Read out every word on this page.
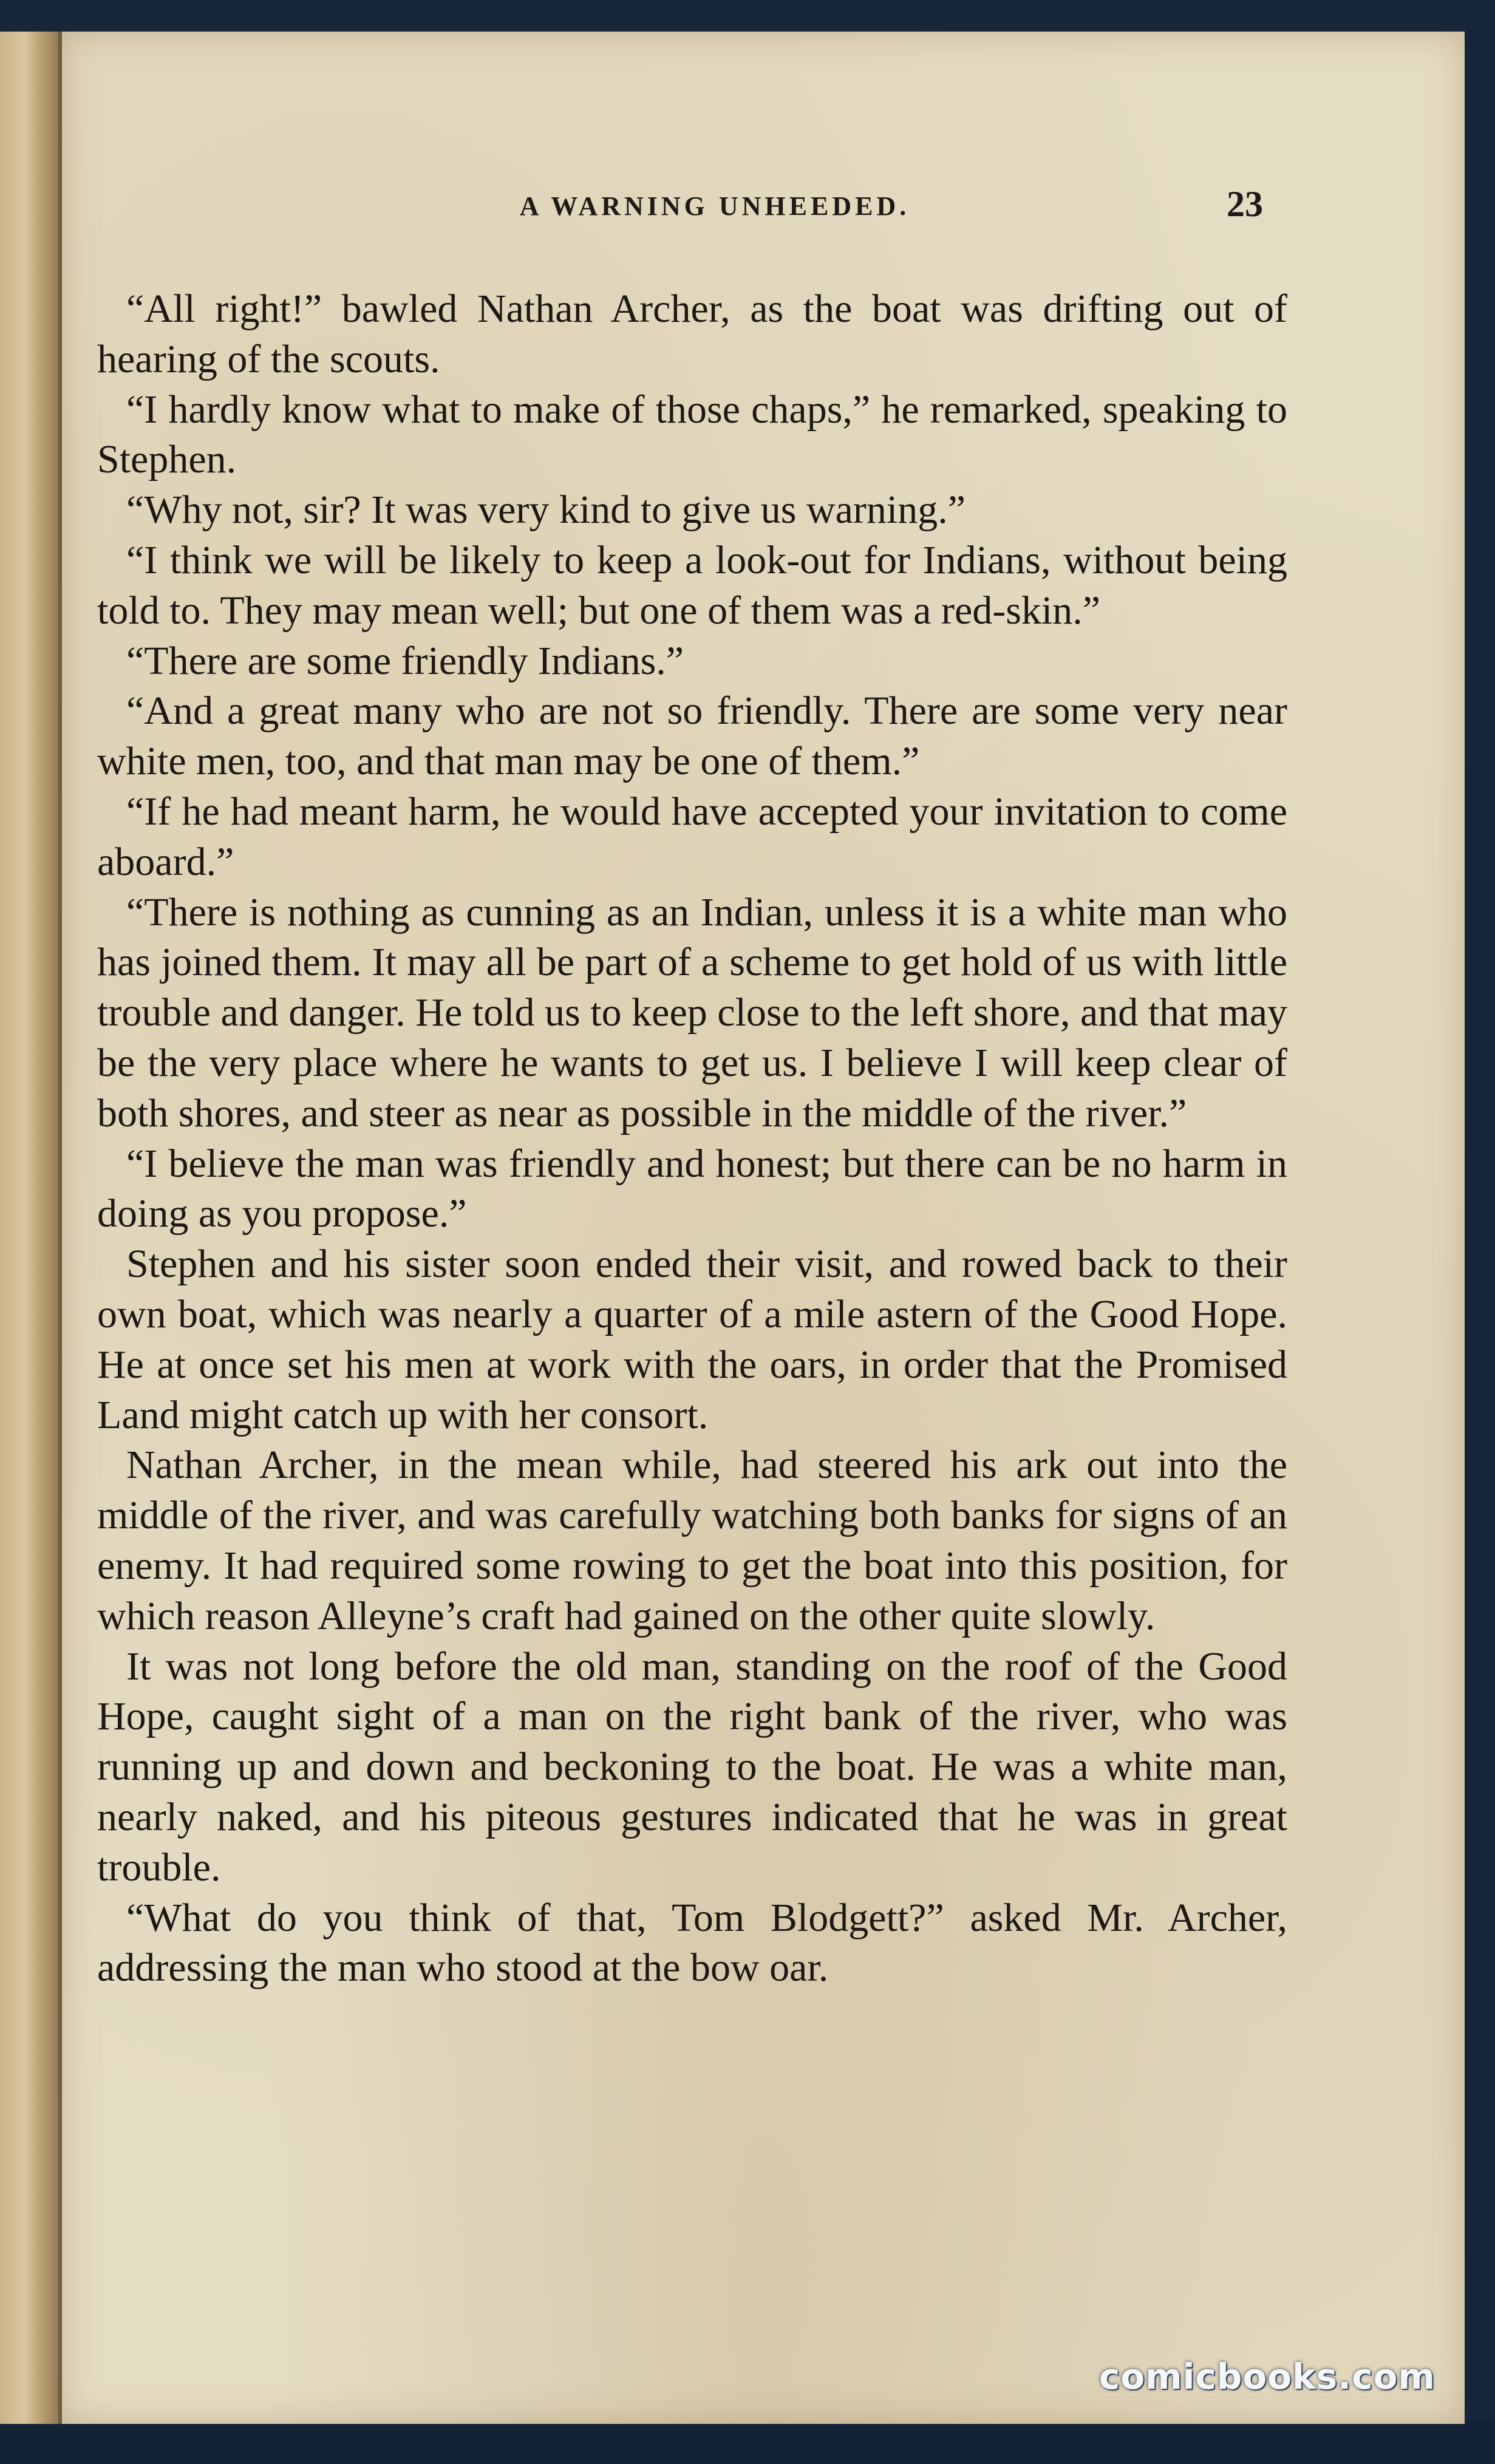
A WARNING UNHEEDED.	23

“All right!” bawled Nathan Archer, as the boat was drifting out of hearing of the scouts.

“I hardly know what to make of those chaps,” he remarked, speaking to Stephen.

“Why not, sir? It was very kind to give us warning.”

“I think we will be likely to keep a look-out for Indians, without being told to. They may mean well; but one of them was a red-skin.”

“There are some friendly Indians.”

“And a great many who are not so friendly. There are some very near white men, too, and that man may be one of them.”

“If he had meant harm, he would have accepted your invitation to come aboard.”

“There is nothing as cunning as an Indian, unless it is a white man who has joined them. It may all be part of a scheme to get hold of us with little trouble and danger. He told us to keep close to the left shore, and that may be the very place where he wants to get us. I believe I will keep clear of both shores, and steer as near as possible in the middle of the river.”

“I believe the man was friendly and honest; but there can be no harm in doing as you propose.”

Stephen and his sister soon ended their visit, and rowed back to their own boat, which was nearly a quarter of a mile astern of the Good Hope. He at once set his men at work with the oars, in order that the Promised Land might catch up with her consort.

Nathan Archer, in the mean while, had steered his ark out into the middle of the river, and was carefully watching both banks for signs of an enemy. It had required some rowing to get the boat into this position, for which reason Alleyne’s craft had gained on the other quite slowly.

It was not long before the old man, standing on the roof of the Good Hope, caught sight of a man on the right bank of the river, who was running up and down and beckoning to the boat. He was a white man, nearly naked, and his piteous gestures indicated that he was in great trouble.

“What do you think of that, Tom Blodgett?” asked Mr. Archer, addressing the man who stood at the bow oar.

comicbooks.com
